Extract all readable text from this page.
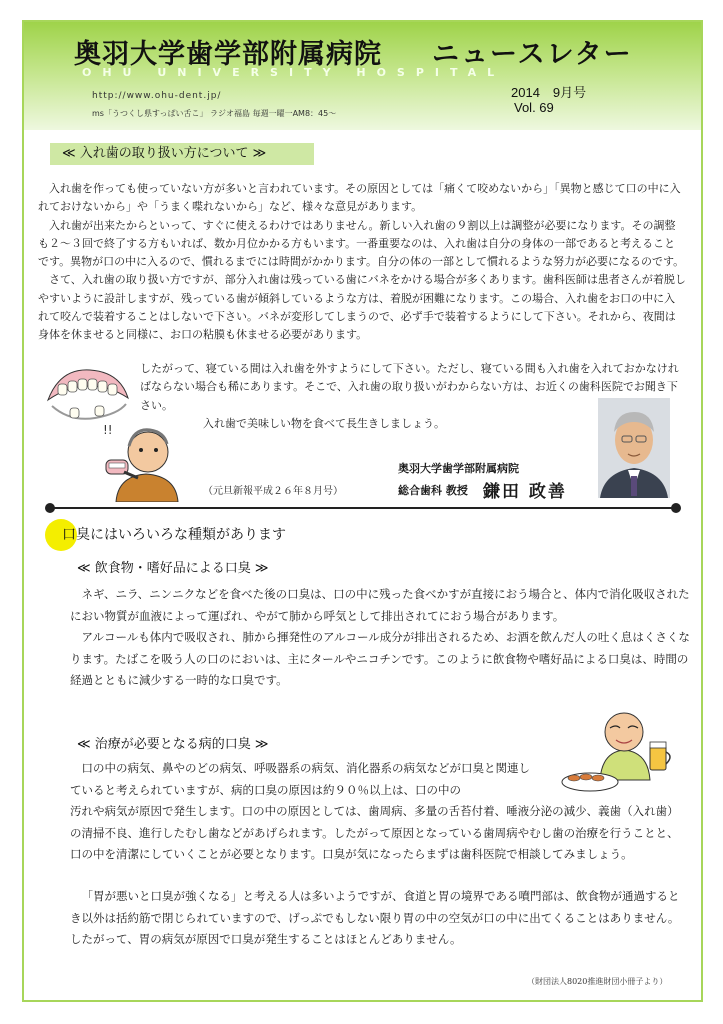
奥羽大学歯学部附属病院 ニュースレター
OHU UNIVERSITY HOSPITAL
http://www.ohu-dent.jp/
ms「うつくし県すっぱい舌こ」 ラジオ福島 毎週一曜一AM8：45～
2014　9月号
Vol. 69
≪ 入れ歯の取り扱い方について ≫

入れ歯を作っても使っていない方が多いと言われています。その原因としては「痛くて咬めないから」「異物と感じて口の中に入れておけないから」や「うまく喋れないから」など、様々な意見があります。

入れ歯が出来たからといって、すぐに使えるわけではありません。新しい入れ歯の９割以上は調整が必要になります。その調整も２～３回で終了する方もいれば、数か月位かかる方もいます。一番重要なのは、入れ歯は自分の身体の一部であると考えることです。異物が口の中に入るので、慣れるまでには時間がかかります。自分の体の一部として慣れるような努力が必要になるのです。

さて、入れ歯の取り扱い方ですが、部分入れ歯は残っている歯にバネをかける場合が多くあります。歯科医師は患者さんが着脱しやすいように設計しますが、残っている歯が傾斜しているような方は、着脱が困難になります。この場合、入れ歯をお口の中に入れて咬んで装着することはしないで下さい。バネが変形してしまうので、必ず手で装着するようにして下さい。それから、夜間は身体を休ませると同様に、お口の粘膜も休ませる必要があります。

!!
したがって、寝ている間は入れ歯を外すようにして下さい。ただし、寝ている間も入れ歯を入れておかなければならない場合も稀にあります。そこで、入れ歯の取り扱いがわからない方は、お近くの歯科医院でお聞き下さい。
入れ歯で美味しい物を食べて長生きしましょう。
（元旦新報平成２６年８月号）
奥羽大学歯学部附属病院
総合歯科 教授 鎌田 政善
口臭にはいろいろな種類があります
≪ 飲食物・嗜好品による口臭 ≫

ネギ、ニラ、ニンニクなどを食べた後の口臭は、口の中に残った食べかすが直接におう場合と、体内で消化吸収されたにおい物質が血液によって運ばれ、やがて肺から呼気として排出されてにおう場合があります。

アルコールも体内で吸収され、肺から揮発性のアルコール成分が排出されるため、お酒を飲んだ人の吐く息はくさくなります。たばこを吸う人の口のにおいは、主にタールやニコチンです。このように飲食物や嗜好品による口臭は、時間の経過とともに減少する一時的な口臭です。

≪ 治療が必要となる病的口臭 ≫
口の中の病気、鼻やのどの病気、呼吸器系の病気、消化器系の病気などが口臭と関連していると考えられていますが、病的口臭の原因は約９０％以上は、口の中の
汚れや病気が原因で発生します。口の中の原因としては、歯周病、多量の舌苔付着、唾液分泌の減少、義歯（入れ歯）の清掃不良、進行したむし歯などがあげられます。したがって原因となっている歯周病やむし歯の治療を行うことと、口の中を清潔にしていくことが必要となります。口臭が気になったらまずは歯科医院で相談してみましょう。
「胃が悪いと口臭が強くなる」と考える人は多いようですが、食道と胃の境界である噴門部は、飲食物が通過するとき以外は括約筋で閉じられていますので、げっぷでもしない限り胃の中の空気が口の中に出てくることはありません。したがって、胃の病気が原因で口臭が発生することはほとんどありません。
（財団法人8020推進財団小冊子より）
